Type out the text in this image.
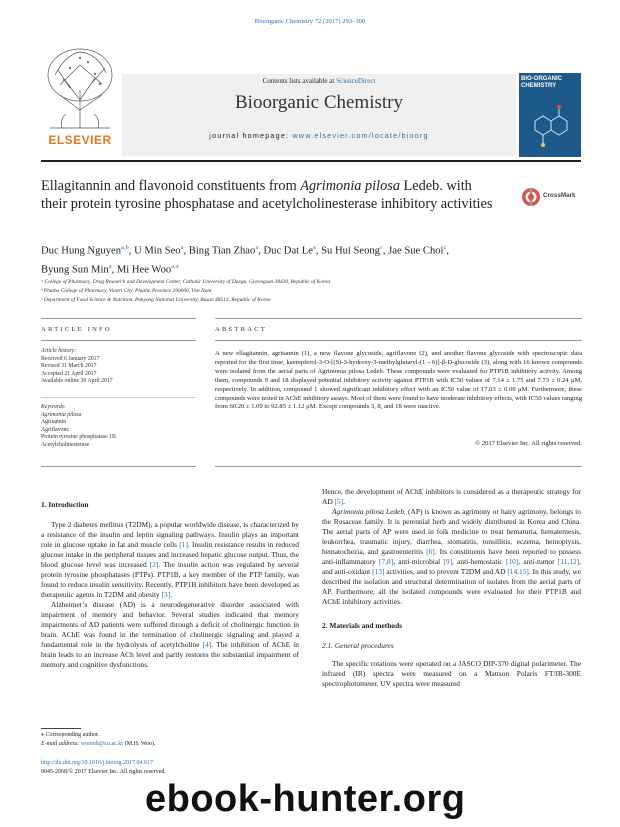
Bioorganic Chemistry 72 (2017) 293–300
ELSEVIER
Contents lists available at ScienceDirect
Bioorganic Chemistry
journal homepage: www.elsevier.com/locate/bioorg
BIO-ORGANIC CHEMISTRY
Ellagitannin and flavonoid constituents from Agrimonia pilosa Ledeb. with their protein tyrosine phosphatase and acetylcholinesterase inhibitory activities	CrossMark
Duc Hung Nguyen$^{a,b}$, U Min Seo$^a$, Bing Tian Zhao$^a$, Duc Dat Le$^a$, Su Hui Seong$^c$, Jae Sue Choi$^c$,
Byung Sun Min$^a$, Mi Hee Woo$^{a,⁎}$
ᵃ College of Pharmacy, Drug Research and Development Center, Catholic University of Daegu, Gyeongsan 38430, Republic of Korea
ᵇ Phutho College of Pharmacy, Viettri City, Phutho Province 290000, Viet Nam
ᶜ Department of Food Science & Nutrition, Pukyong National University, Busan 48513, Republic of Korea
ARTICLE INFO
Article history:
Received 6 January 2017
Revised 31 March 2017
Accepted 21 April 2017
Available online 30 April 2017
Keywords:
Agrimonia pilosa
Agritannin
Agriflavone
Protein tyrosine phosphatase 1B
Acetylcholinesterase
ABSTRACT
A new ellagitannin, agritannin (1), a new flavone glycoside, agriflavone (2), and another flavone glycoside with spectroscopic data reported for the first time, kaempferol-3-O-[(S)-3-hydroxy-3-methylglutaryl-(1→6)]-β-D-glucoside (3), along with 16 known compounds were isolated from the aerial parts of Agrimonia pilosa Ledeb. These compounds were evaluated for PTP1B inhibitory activity. Among them, compounds 9 and 18 displayed potential inhibitory activity against PTP1B with IC50 values of 7.14 ± 1.75 and 7.73 ± 0.24 μM, respectively. In addition, compound 1 showed significant inhibitory effect with an IC50 value of 17.03 ± 0.09 μM. Furthermore, these compounds were tested in AChE inhibitory assays. Most of them were found to have moderate inhibitory effects, with IC50 values ranging from 60.20 ± 1.09 to 92.85 ± 1.12 μM. Except compounds 3, 8, and 18 were inactive.
© 2017 Elsevier Inc. All rights reserved.
1. Introduction

Type 2 diabetes mellitus (T2DM), a popular worldwide disease, is characterized by a resistance of the insulin and leptin signaling pathways. Insulin plays an important role in glucose uptake in fat and muscle cells [1]. Insulin resistance results in reduced glucose intake in the peripheral tissues and increased hepatic glucose output. Thus, the blood glucose level was increased [2]. The insulin action was regulated by several protein tyrosine phosphatases (PTPs). PTP1B, a key member of the PTP family, was found to reduce insulin sensitivity. Recently, PTP1B inhibitors have been developed as therapeutic agents in T2DM and obesity [3].

Alzheimer’s disease (AD) is a neurodegenerative disorder associated with impairment of memory and behavior. Several studies indicated that memory impairments of AD patients were suffered through a deficit of cholinergic function in brain. AChE was found in the termination of cholinergic signaling and played a fundamental role in the hydrolysis of acetylcholine [4]. The inhibition of AChE in brain leads to an increase ACh level and partly restores the substantial impairment of memory and cognitive dysfunctions.

Hence, the development of AChE inhibitors is considered as a therapeutic strategy for AD [5].

Agrimonia pilosa Ledeb. (AP) is known as agrimony or hairy agrimony, belongs to the Rosaceae family. It is perennial herb and widely distributed in Korea and China. The aerial parts of AP were used in folk medicine to treat hematuria, hematemesis, leukorrhea, traumatic injury, diarrhea, stomatitis, tonsillitis, eczema, hemoptysis, hematochezia, and gastroenteritis [6]. Its constituents have been reported to possess anti-inflammatory [7,8], anti-microbial [9], anti-hemostatic [10], anti-tumor [11,12], and anti-oxidant [13] activities, and to prevent T2DM and AD [14,15]. In this study, we described the isolation and structural determination of isolates from the aerial parts of AP. Furthermore, all the isolated compounds were evaluated for their PTP1B and AChE inhibitory activities.

2. Materials and methods
2.1. General procedures

The specific rotations were operated on a JASCO DIP-370 digital polarimeter. The infrared (IR) spectra were measured on a Mattson Polaris FT/IR-300E spectrophotometer. UV spectra were measured

⁎ Corresponding author.
E-mail address: woomh@cu.ac.kr (M.H. Woo).
http://dx.doi.org/10.1016/j.bioorg.2017.04.017
0045-2068/© 2017 Elsevier Inc. All rights reserved.
ebook-hunter.org
